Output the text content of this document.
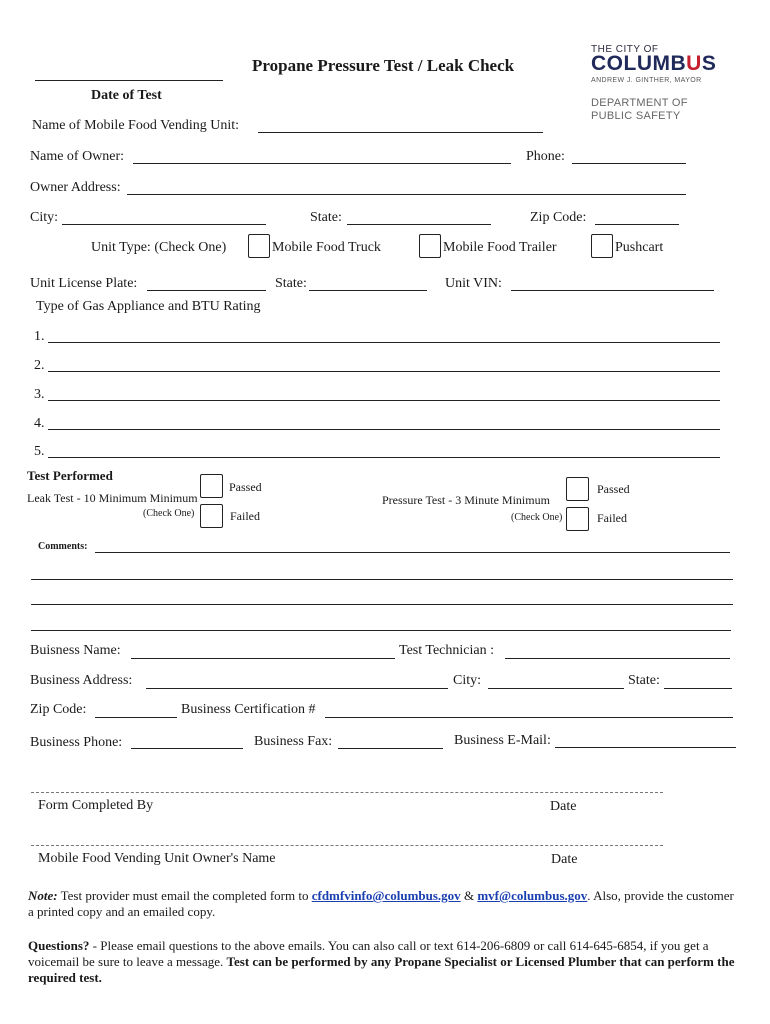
Propane Pressure Test / Leak Check
Date of Test
THE CITY OF
COLUMBUS
ANDREW J. GINTHER, MAYOR
DEPARTMENT OF
PUBLIC SAFETY
Name of Mobile Food Vending Unit:
Name of Owner:	Phone:
Owner Address:
City:	State:	Zip Code:
Unit Type: (Check One)	Mobile Food Truck	Mobile Food Trailer	Pushcart
Unit License Plate:	State:	Unit VIN:
Type of Gas Appliance and BTU Rating
1.
2.
3.
4.
5.
Test Performed
Leak Test - 10 Minimum Minimum
(Check One)
Passed
Failed
Pressure Test - 3 Minute Minimum
(Check One)
Passed
Failed
Comments:
Buisness Name:	Test Technician :
Business Address:	City:	State:
Zip Code:	Business Certification #
Business Phone:	Business Fax:	Business E-Mail:
Form Completed By	Date
Mobile Food Vending Unit Owner's Name	Date
Note: Test provider must email the completed form to cfdmfvinfo@columbus.gov & mvf@columbus.gov. Also, provide the customer a printed copy and an emailed copy.
Questions? - Please email questions to the above emails. You can also call or text 614-206-6809 or call 614-645-6854, if you get a voicemail be sure to leave a message. Test can be performed by any Propane Specialist or Licensed Plumber that can perform the required test.
